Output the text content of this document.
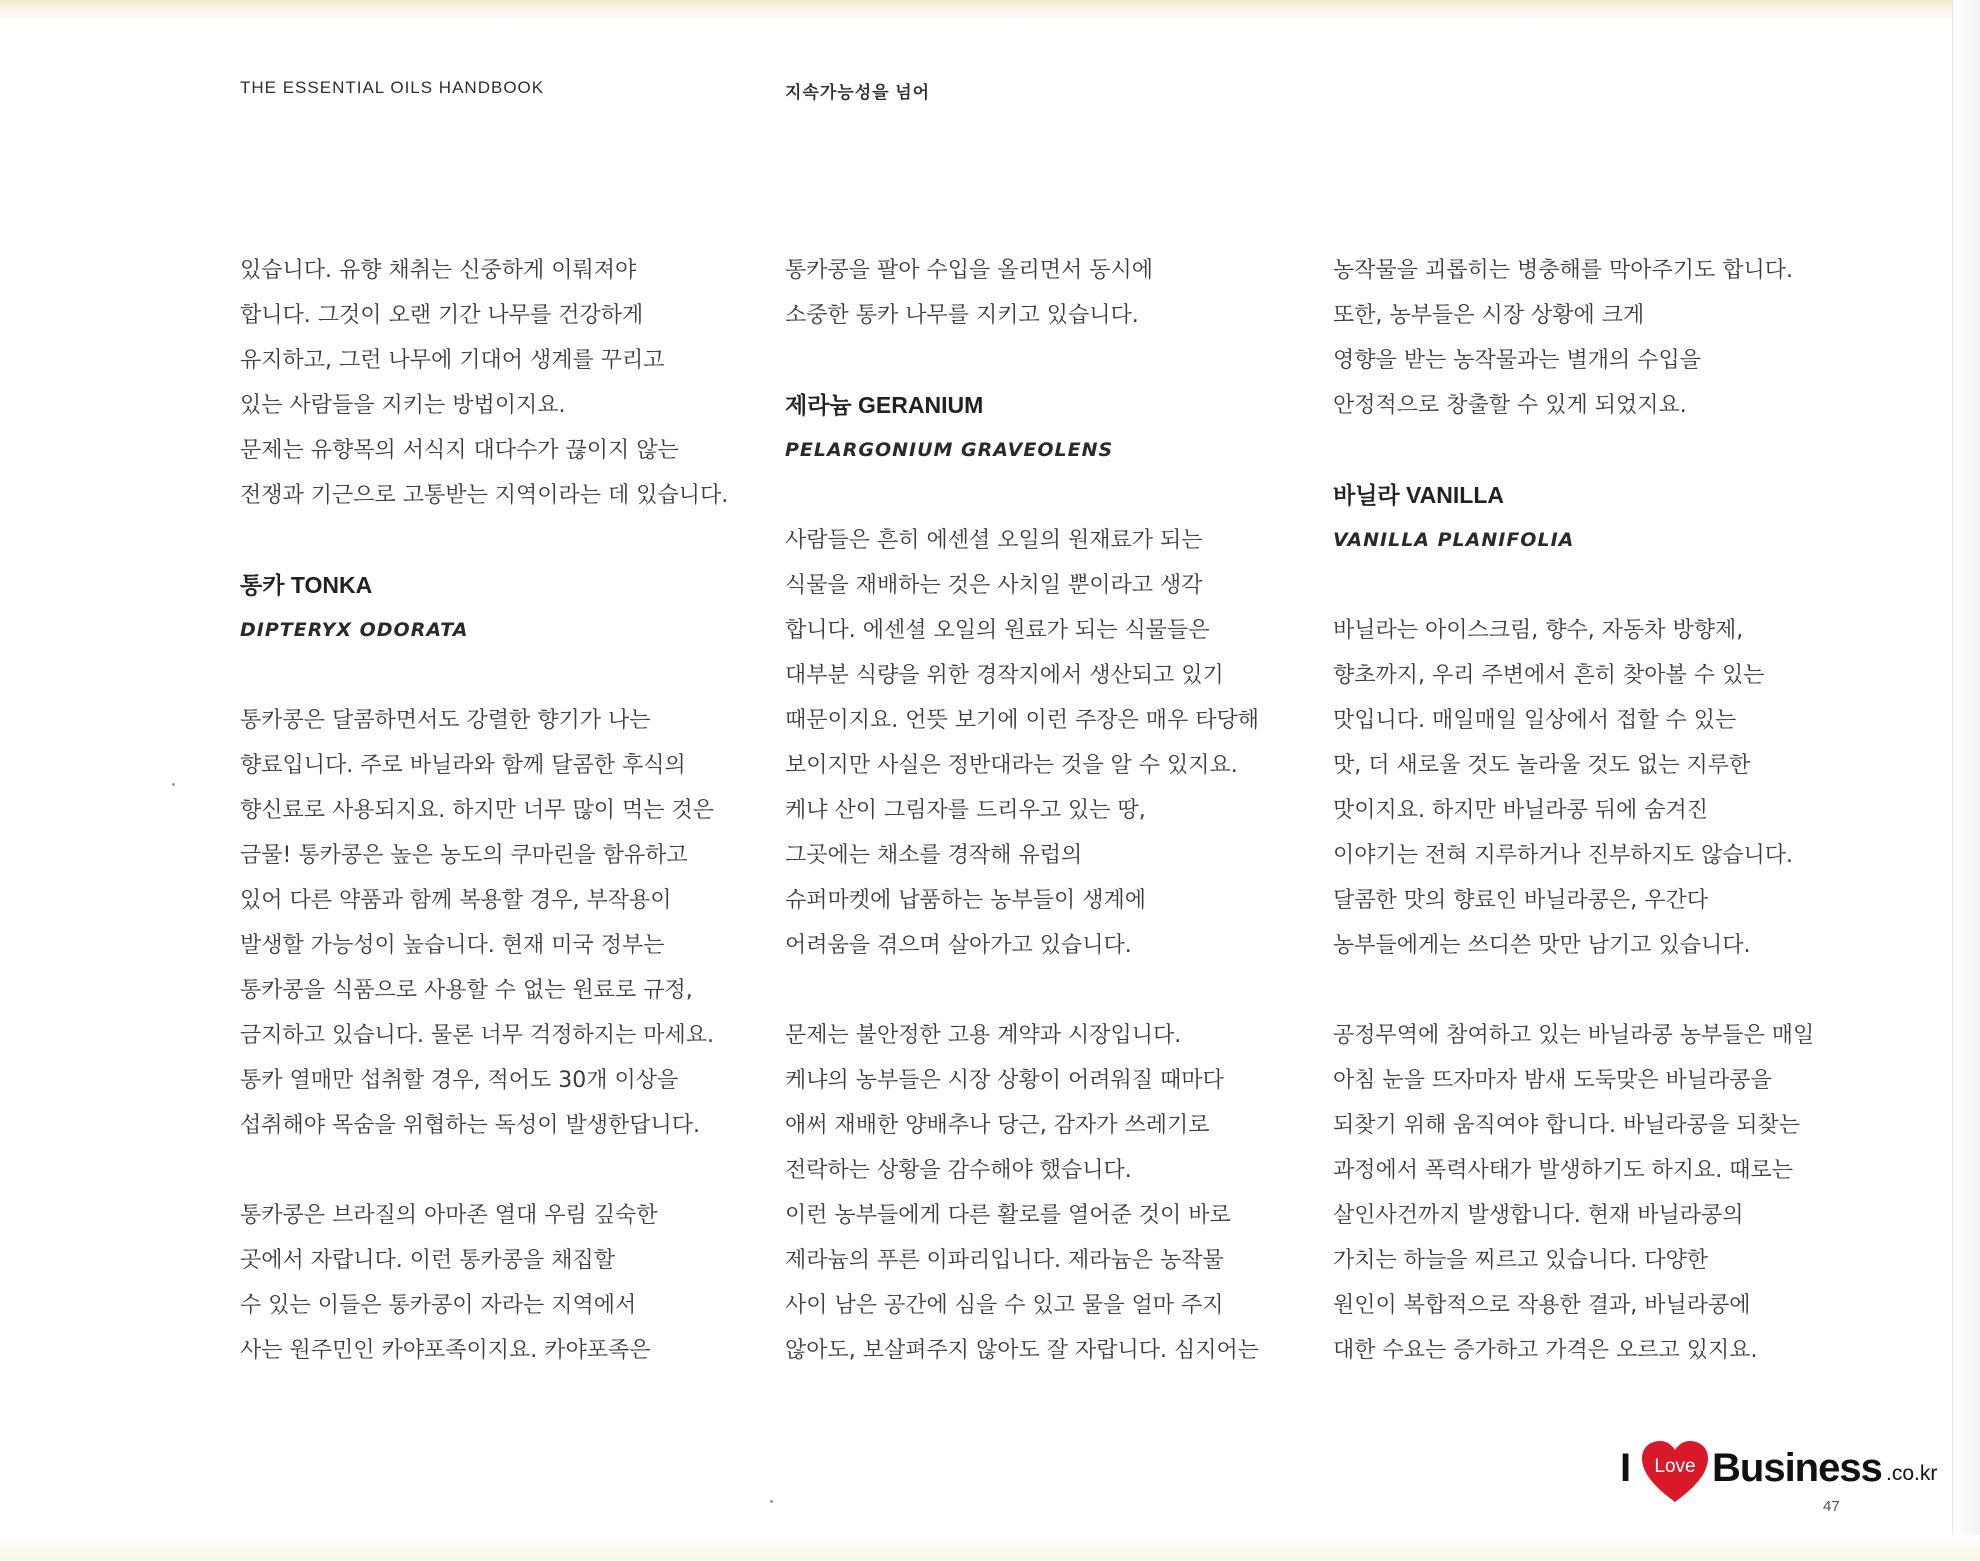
THE ESSENTIAL OILS HANDBOOK	지속가능성을 넘어

있습니다. 유향 채취는 신중하게 이뤄져야
합니다. 그것이 오랜 기간 나무를 건강하게
유지하고, 그런 나무에 기대어 생계를 꾸리고
있는 사람들을 지키는 방법이지요.
문제는 유향목의 서식지 대다수가 끊이지 않는
전쟁과 기근으로 고통받는 지역이라는 데 있습니다.
통카 TONKA

DIPTERYX ODORATA

통카콩은 달콤하면서도 강렬한 향기가 나는
향료입니다. 주로 바닐라와 함께 달콤한 후식의
향신료로 사용되지요. 하지만 너무 많이 먹는 것은
금물! 통카콩은 높은 농도의 쿠마린을 함유하고
있어 다른 약품과 함께 복용할 경우, 부작용이
발생할 가능성이 높습니다. 현재 미국 정부는
통카콩을 식품으로 사용할 수 없는 원료로 규정,
금지하고 있습니다. 물론 너무 걱정하지는 마세요.
통카 열매만 섭취할 경우, 적어도 30개 이상을
섭취해야 목숨을 위협하는 독성이 발생한답니다.
통카콩은 브라질의 아마존 열대 우림 깊숙한
곳에서 자랍니다. 이런 통카콩을 채집할
수 있는 이들은 통카콩이 자라는 지역에서
사는 원주민인 카야포족이지요. 카야포족은
통카콩을 팔아 수입을 올리면서 동시에
소중한 통카 나무를 지키고 있습니다.
제라늄 GERANIUM

PELARGONIUM GRAVEOLENS

사람들은 흔히 에센셜 오일의 원재료가 되는
식물을 재배하는 것은 사치일 뿐이라고 생각
합니다. 에센셜 오일의 원료가 되는 식물들은
대부분 식량을 위한 경작지에서 생산되고 있기
때문이지요. 언뜻 보기에 이런 주장은 매우 타당해
보이지만 사실은 정반대라는 것을 알 수 있지요.
케냐 산이 그림자를 드리우고 있는 땅,
그곳에는 채소를 경작해 유럽의
슈퍼마켓에 납품하는 농부들이 생계에
어려움을 겪으며 살아가고 있습니다.
문제는 불안정한 고용 계약과 시장입니다.
케냐의 농부들은 시장 상황이 어려워질 때마다
애써 재배한 양배추나 당근, 감자가 쓰레기로
전락하는 상황을 감수해야 했습니다.
이런 농부들에게 다른 활로를 열어준 것이 바로
제라늄의 푸른 이파리입니다. 제라늄은 농작물
사이 남은 공간에 심을 수 있고 물을 얼마 주지
않아도, 보살펴주지 않아도 잘 자랍니다. 심지어는
농작물을 괴롭히는 병충해를 막아주기도 합니다.
또한, 농부들은 시장 상황에 크게
영향을 받는 농작물과는 별개의 수입을
안정적으로 창출할 수 있게 되었지요.
바닐라 VANILLA

VANILLA PLANIFOLIA

바닐라는 아이스크림, 향수, 자동차 방향제,
향초까지, 우리 주변에서 흔히 찾아볼 수 있는
맛입니다. 매일매일 일상에서 접할 수 있는
맛, 더 새로울 것도 놀라울 것도 없는 지루한
맛이지요. 하지만 바닐라콩 뒤에 숨겨진
이야기는 전혀 지루하거나 진부하지도 않습니다.
달콤한 맛의 향료인 바닐라콩은, 우간다
농부들에게는 쓰디쓴 맛만 남기고 있습니다.
공정무역에 참여하고 있는 바닐라콩 농부들은 매일
아침 눈을 뜨자마자 밤새 도둑맞은 바닐라콩을
되찾기 위해 움직여야 합니다. 바닐라콩을 되찾는
과정에서 폭력사태가 발생하기도 하지요. 때로는
살인사건까지 발생합니다. 현재 바닐라콩의
가치는 하늘을 찌르고 있습니다. 다양한
원인이 복합적으로 작용한 결과, 바닐라콩에
대한 수요는 증가하고 가격은 오르고 있지요.
I Love Business .co.kr

47
